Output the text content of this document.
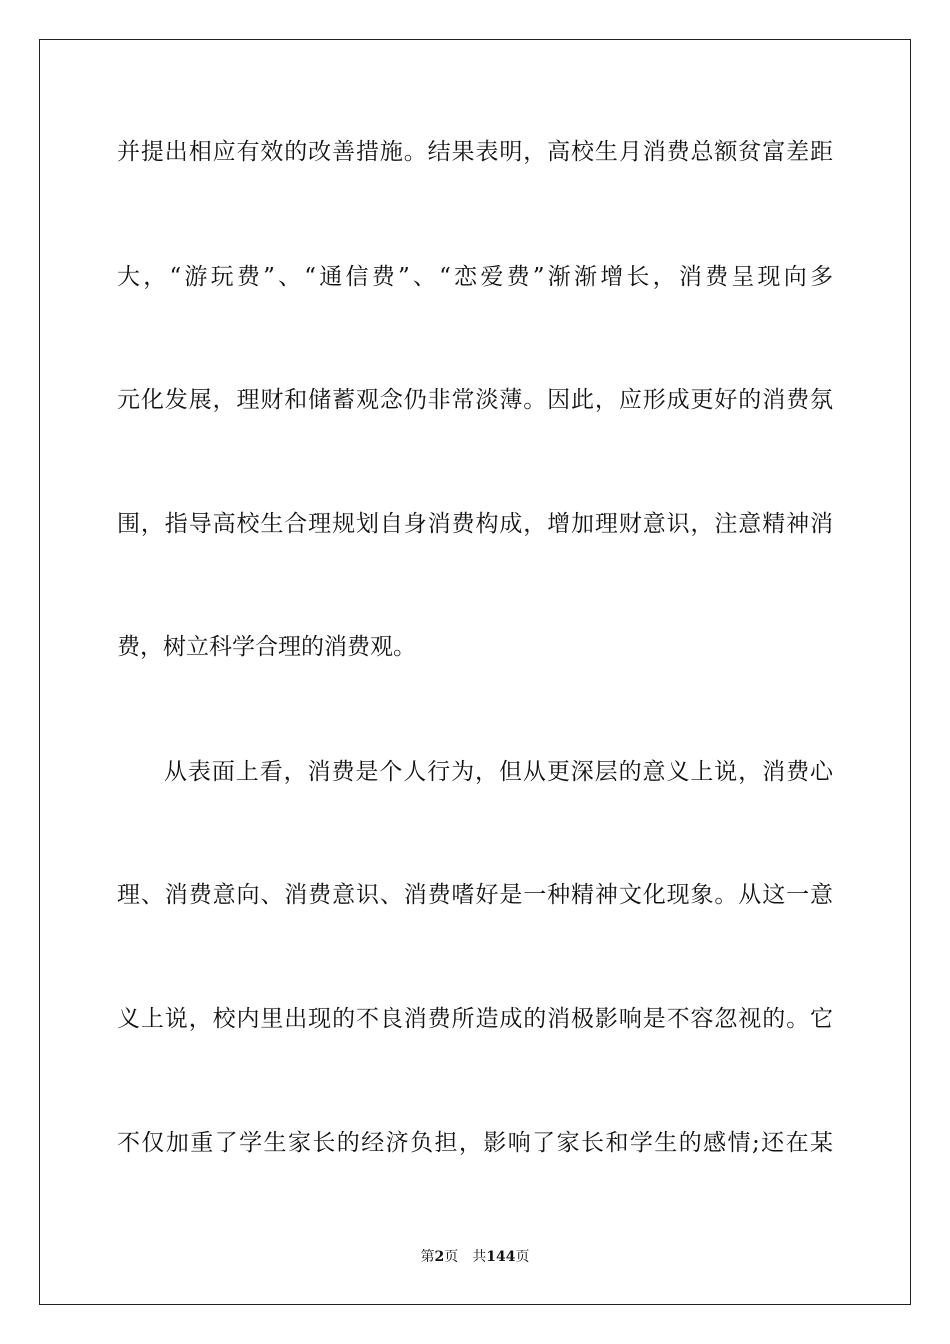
并提出相应有效的改善措施。结果表明，高校生月消费总额贫富差距
大，“游玩费”、“通信费”、“恋爱费”渐渐增长，消费呈现向多
元化发展，理财和储蓄观念仍非常淡薄。因此，应形成更好的消费氛
围，指导高校生合理规划自身消费构成，增加理财意识，注意精神消
费，树立科学合理的消费观。
从表面上看，消费是个人行为，但从更深层的意义上说，消费心
理、消费意向、消费意识、消费嗜好是一种精神文化现象。从这一意
义上说，校内里出现的不良消费所造成的消极影响是不容忽视的。它
不仅加重了学生家长的经济负担，影响了家长和学生的感情;还在某
第2页 共144页
